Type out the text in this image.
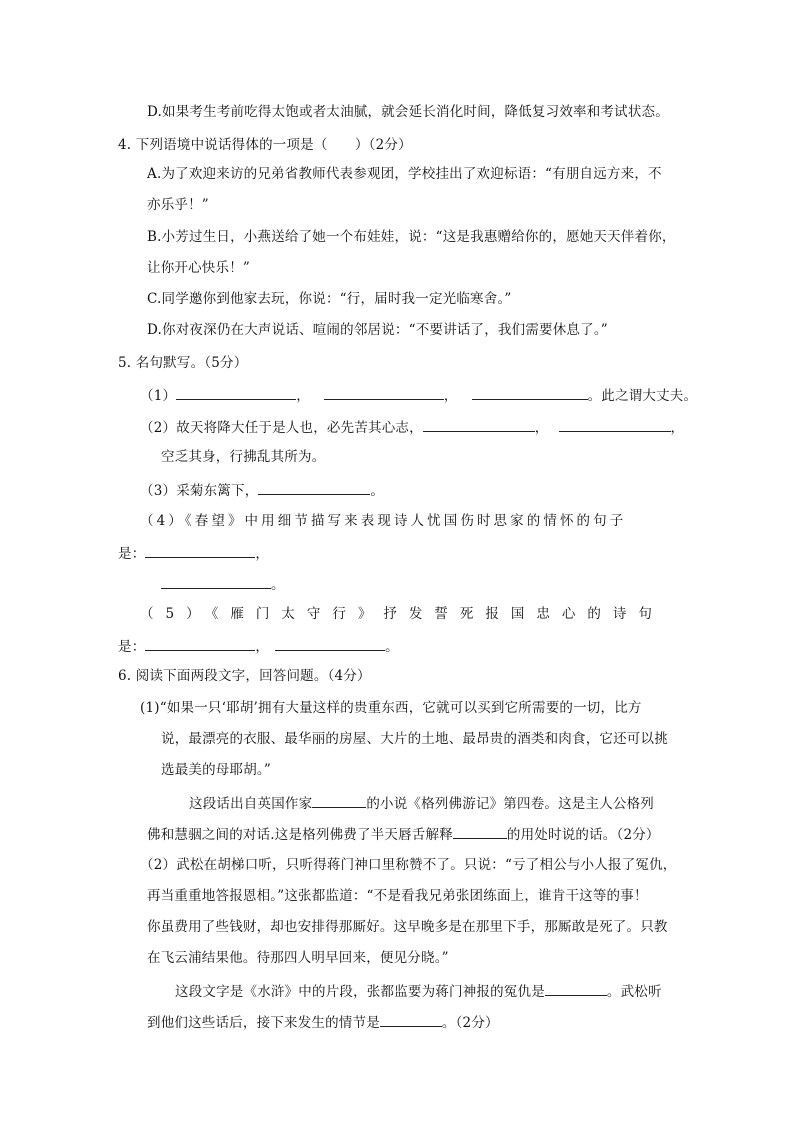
D.如果考生考前吃得太饱或者太油腻，就会延长消化时间，降低复习效率和考试状态。
4. 下列语境中说话得体的一项是（　　）（2分）
A.为了欢迎来访的兄弟省教师代表参观团，学校挂出了欢迎标语：“有朋自远方来，不
亦乐乎！”
B.小芳过生日，小燕送给了她一个布娃娃，说：“这是我惠赠给你的，愿她天天伴着你，
让你开心快乐！”
C.同学邀你到他家去玩，你说：“行，届时我一定光临寒舍。”
D.你对夜深仍在大声说话、喧闹的邻居说：“不要讲话了，我们需要休息了。”
5. 名句默写。（5分）
（1）	，	，	。此之谓大丈夫。
（2）故天将降大任于是人也，必先苦其心志，	，	，
空乏其身，行拂乱其所为。
（3）采菊东篱下，	。
（4）《春望》中用细节描写来表现诗人忧国伤时思家的情怀的句子
是：	，
。
（5）《雁门太守行》抒发誓死报国忠心的诗句
是：	，	。
6. 阅读下面两段文字，回答问题。（4分）
(1)“如果一只‘耶胡’拥有大量这样的贵重东西，它就可以买到它所需要的一切，比方
说，最漂亮的衣服、最华丽的房屋、大片的土地、最昂贵的酒类和肉食，它还可以挑
选最美的母耶胡。”
这段话出自英国作家	的小说《格列佛游记》第四卷。这是主人公格列
佛和慧骃之间的对话.这是格列佛费了半天唇舌解释	的用处时说的话。（2分）
（2）武松在胡梯口听，只听得蒋门神口里称赞不了。只说：“亏了相公与小人报了冤仇，
再当重重地答报恩相。”这张都监道：“不是看我兄弟张团练面上，谁肯干这等的事！
你虽费用了些钱财，却也安排得那厮好。这早晚多是在那里下手，那厮敢是死了。只教
在飞云浦结果他。待那四人明早回来，便见分晓。”
这段文字是《水浒》中的片段，张都监要为蒋门神报的冤仇是	。武松听
到他们这些话后，接下来发生的情节是	。（2分）
